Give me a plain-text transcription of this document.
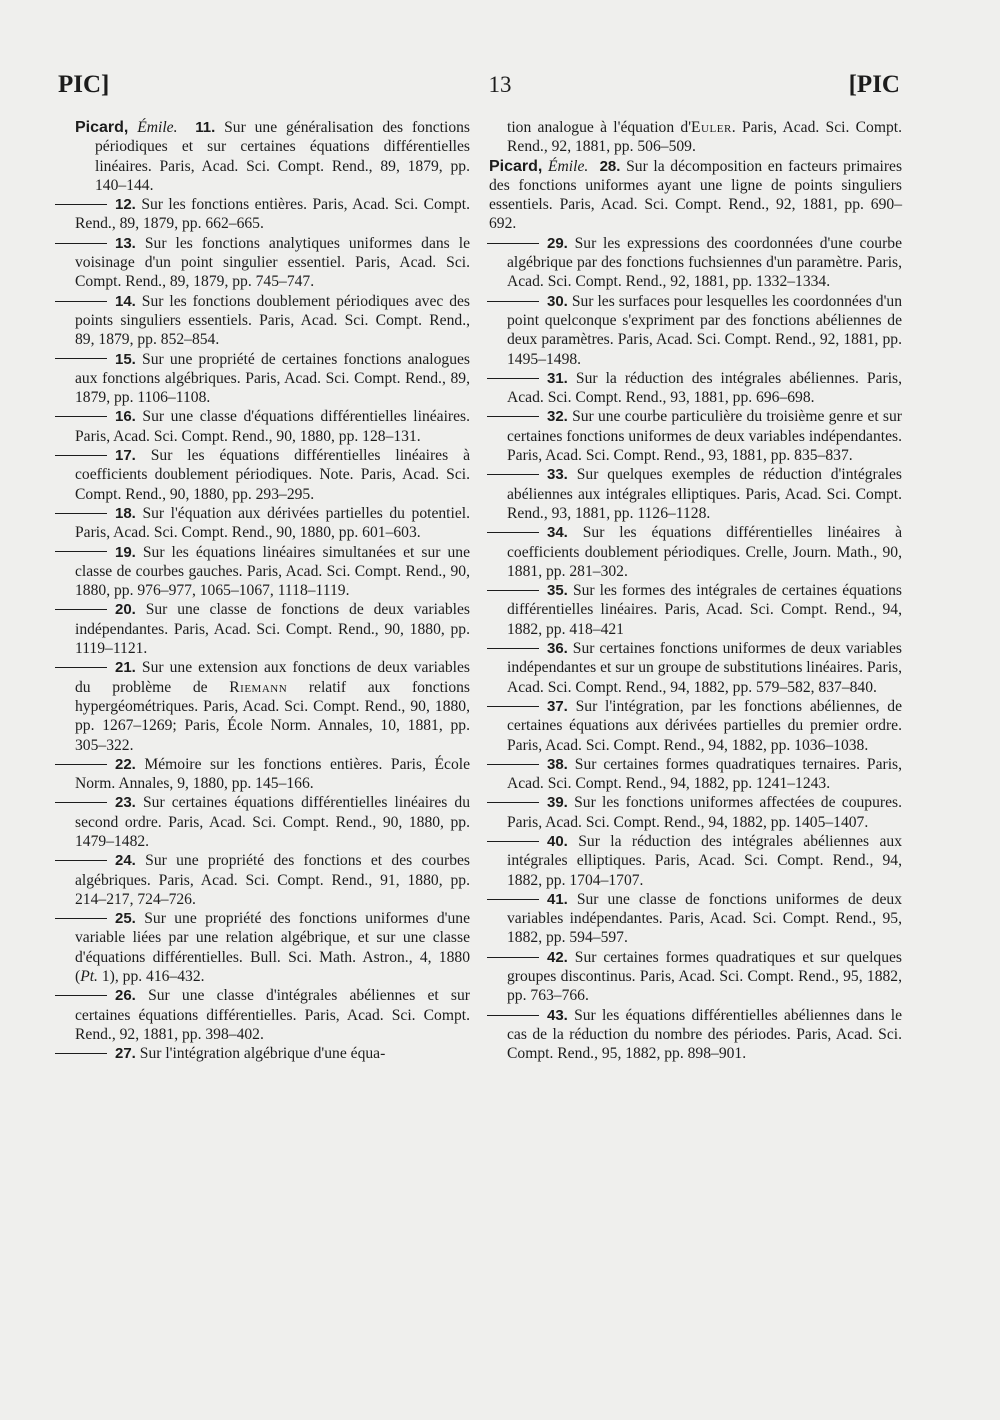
PIC]	13	[PIC

Picard, Émile. 11. Sur une généralisation des fonctions périodiques et sur certaines équations différentielles linéaires. Paris, Acad. Sci. Compt. Rend., 89, 1879, pp. 140–144.

12. Sur les fonctions entières. Paris, Acad. Sci. Compt. Rend., 89, 1879, pp. 662–665.

13. Sur les fonctions analytiques uniformes dans le voisinage d'un point singulier essentiel. Paris, Acad. Sci. Compt. Rend., 89, 1879, pp. 745–747.

14. Sur les fonctions doublement périodiques avec des points singuliers essentiels. Paris, Acad. Sci. Compt. Rend., 89, 1879, pp. 852–854.

15. Sur une propriété de certaines fonctions analogues aux fonctions algébriques. Paris, Acad. Sci. Compt. Rend., 89, 1879, pp. 1106–1108.

16. Sur une classe d'équations différentielles linéaires. Paris, Acad. Sci. Compt. Rend., 90, 1880, pp. 128–131.

17. Sur les équations différentielles linéaires à coefficients doublement périodiques. Note. Paris, Acad. Sci. Compt. Rend., 90, 1880, pp. 293–295.

18. Sur l'équation aux dérivées partielles du potentiel. Paris, Acad. Sci. Compt. Rend., 90, 1880, pp. 601–603.

19. Sur les équations linéaires simultanées et sur une classe de courbes gauches. Paris, Acad. Sci. Compt. Rend., 90, 1880, pp. 976–977, 1065–1067, 1118–1119.

20. Sur une classe de fonctions de deux variables indépendantes. Paris, Acad. Sci. Compt. Rend., 90, 1880, pp. 1119–1121.

21. Sur une extension aux fonctions de deux variables du problème de Riemann relatif aux fonctions hypergéométriques. Paris, Acad. Sci. Compt. Rend., 90, 1880, pp. 1267–1269; Paris, École Norm. Annales, 10, 1881, pp. 305–322.

22. Mémoire sur les fonctions entières. Paris, École Norm. Annales, 9, 1880, pp. 145–166.

23. Sur certaines équations différentielles linéaires du second ordre. Paris, Acad. Sci. Compt. Rend., 90, 1880, pp. 1479–1482.

24. Sur une propriété des fonctions et des courbes algébriques. Paris, Acad. Sci. Compt. Rend., 91, 1880, pp. 214–217, 724–726.

25. Sur une propriété des fonctions uniformes d'une variable liées par une relation algébrique, et sur une classe d'équations différentielles. Bull. Sci. Math. Astron., 4, 1880 (Pt. 1), pp. 416–432.

26. Sur une classe d'intégrales abéliennes et sur certaines équations différentielles. Paris, Acad. Sci. Compt. Rend., 92, 1881, pp. 398–402.

27. Sur l'intégration algébrique d'une équa-

tion analogue à l'équation d'Euler. Paris, Acad. Sci. Compt. Rend., 92, 1881, pp. 506–509.

Picard, Émile. 28. Sur la décomposition en facteurs primaires des fonctions uniformes ayant une ligne de points singuliers essentiels. Paris, Acad. Sci. Compt. Rend., 92, 1881, pp. 690–692.

29. Sur les expressions des coordonnées d'une courbe algébrique par des fonctions fuchsiennes d'un paramètre. Paris, Acad. Sci. Compt. Rend., 92, 1881, pp. 1332–1334.

30. Sur les surfaces pour lesquelles les coordonnées d'un point quelconque s'expriment par des fonctions abéliennes de deux paramètres. Paris, Acad. Sci. Compt. Rend., 92, 1881, pp. 1495–1498.

31. Sur la réduction des intégrales abéliennes. Paris, Acad. Sci. Compt. Rend., 93, 1881, pp. 696–698.

32. Sur une courbe particulière du troisième genre et sur certaines fonctions uniformes de deux variables indépendantes. Paris, Acad. Sci. Compt. Rend., 93, 1881, pp. 835–837.

33. Sur quelques exemples de réduction d'intégrales abéliennes aux intégrales elliptiques. Paris, Acad. Sci. Compt. Rend., 93, 1881, pp. 1126–1128.

34. Sur les équations différentielles linéaires à coefficients doublement périodiques. Crelle, Journ. Math., 90, 1881, pp. 281–302.

35. Sur les formes des intégrales de certaines équations différentielles linéaires. Paris, Acad. Sci. Compt. Rend., 94, 1882, pp. 418–421

36. Sur certaines fonctions uniformes de deux variables indépendantes et sur un groupe de substitutions linéaires. Paris, Acad. Sci. Compt. Rend., 94, 1882, pp. 579–582, 837–840.

37. Sur l'intégration, par les fonctions abéliennes, de certaines équations aux dérivées partielles du premier ordre. Paris, Acad. Sci. Compt. Rend., 94, 1882, pp. 1036–1038.

38. Sur certaines formes quadratiques ternaires. Paris, Acad. Sci. Compt. Rend., 94, 1882, pp. 1241–1243.

39. Sur les fonctions uniformes affectées de coupures. Paris, Acad. Sci. Compt. Rend., 94, 1882, pp. 1405–1407.

40. Sur la réduction des intégrales abéliennes aux intégrales elliptiques. Paris, Acad. Sci. Compt. Rend., 94, 1882, pp. 1704–1707.

41. Sur une classe de fonctions uniformes de deux variables indépendantes. Paris, Acad. Sci. Compt. Rend., 95, 1882, pp. 594–597.

42. Sur certaines formes quadratiques et sur quelques groupes discontinus. Paris, Acad. Sci. Compt. Rend., 95, 1882, pp. 763–766.

43. Sur les équations différentielles abéliennes dans le cas de la réduction du nombre des périodes. Paris, Acad. Sci. Compt. Rend., 95, 1882, pp. 898–901.
